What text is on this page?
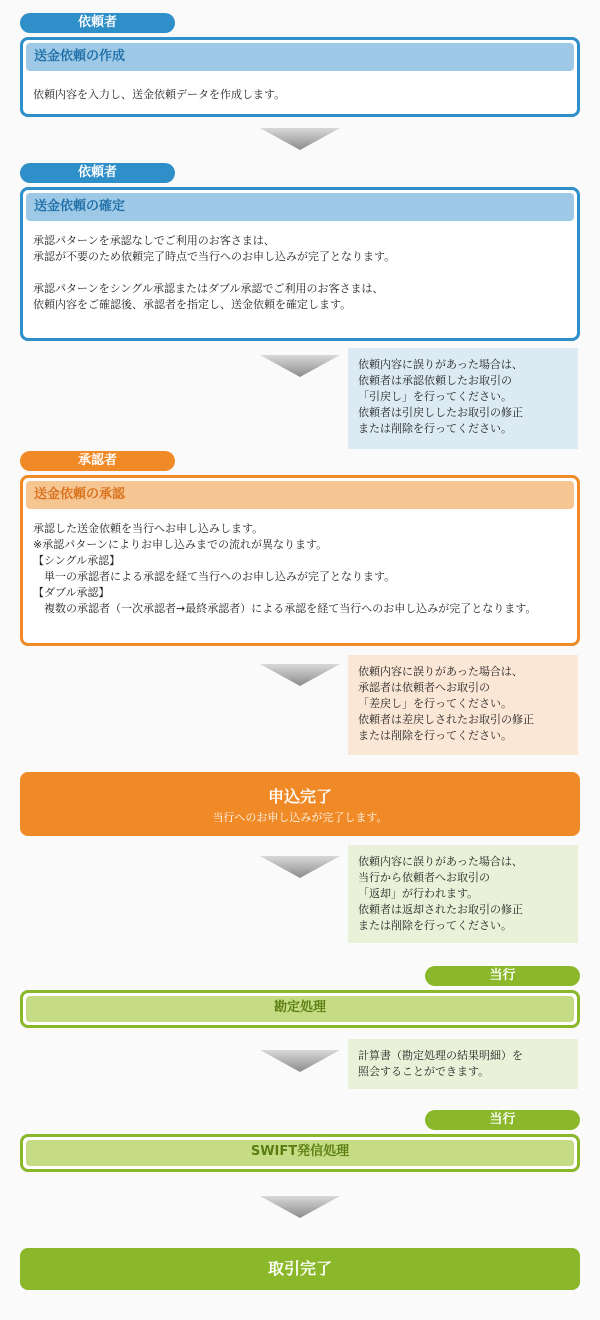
依頼者
送金依頼の作成
依頼内容を入力し、送金依頼データを作成します。
依頼者
送金依頼の確定
承認パターンを承認なしでご利用のお客さまは、
承認が不要のため依頼完了時点で当行へのお申し込みが完了となります。

承認パターンをシングル承認またはダブル承認でご利用のお客さまは、
依頼内容をご確認後、承認者を指定し、送金依頼を確定します。
依頼内容に誤りがあった場合は、
依頼者は承認依頼したお取引の
「引戻し」を行ってください。
依頼者は引戻ししたお取引の修正
または削除を行ってください。
承認者
送金依頼の承認
承認した送金依頼を当行へお申し込みします。
※承認パターンによりお申し込みまでの流れが異なります。
【シングル承認】
　単一の承認者による承認を経て当行へのお申し込みが完了となります。
【ダブル承認】
　複数の承認者（一次承認者→最終承認者）による承認を経て当行へのお申し込みが完了となります。
依頼内容に誤りがあった場合は、
承認者は依頼者へお取引の
「差戻し」を行ってください。
依頼者は差戻しされたお取引の修正
または削除を行ってください。
申込完了
当行へのお申し込みが完了します。
依頼内容に誤りがあった場合は、
当行から依頼者へお取引の
「返却」が行われます。
依頼者は返却されたお取引の修正
または削除を行ってください。
当行
勘定処理
計算書（勘定処理の結果明細）を
照会することができます。
当行
SWIFT発信処理
取引完了
